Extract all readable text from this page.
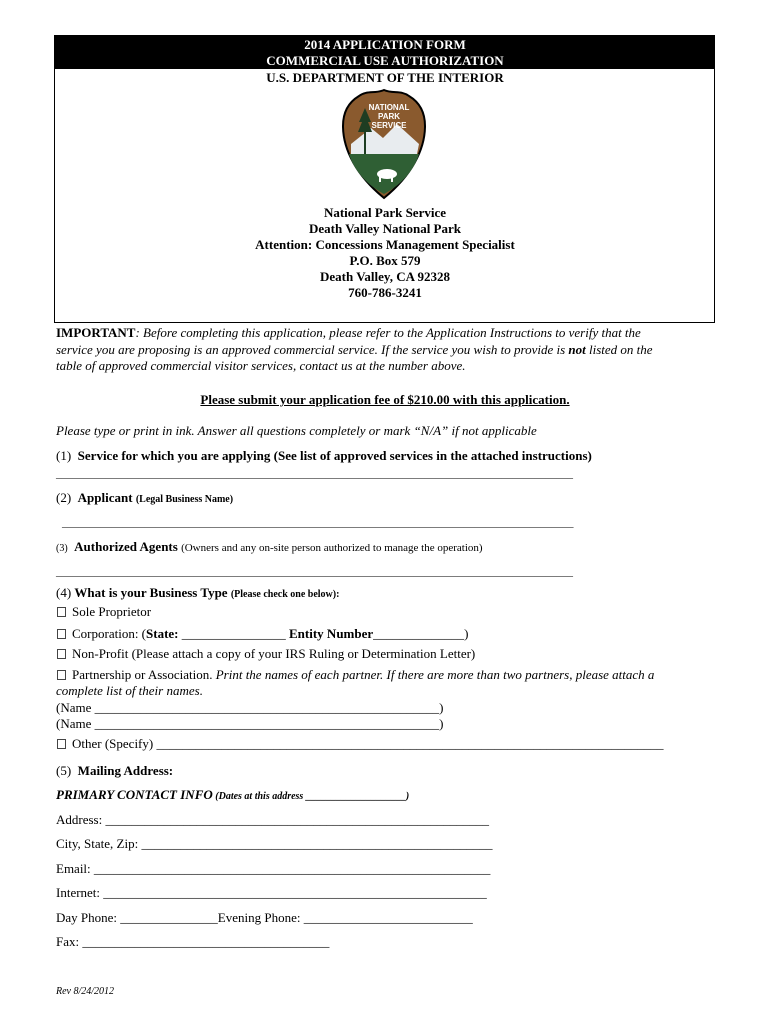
2014 APPLICATION FORM
COMMERCIAL USE AUTHORIZATION
U.S. DEPARTMENT OF THE INTERIOR
NATIONAL
PARK
SERVICE
National Park Service
Death Valley National Park
Attention: Concessions Management Specialist
P.O. Box 579
Death Valley, CA 92328
760-786-3241
IMPORTANT: Before completing this application, please refer to the Application Instructions to verify that the
service you are proposing is an approved commercial service. If the service you wish to provide is not listed on the
table of approved commercial visitor services, contact us at the number above.
Please submit your application fee of $210.00 with this application.
Please type or print in ink. Answer all questions completely or mark “N/A” if not applicable
(1) Service for which you are applying (See list of approved services in the attached instructions)
______________________________________________________________________________________________
(2) Applicant (Legal Business Name)
_____________________________________________________________________________________________
(3) Authorized Agents (Owners and any on-site person authorized to manage the operation)
______________________________________________________________________________________________
(4) What is your Business Type (Please check one below):
Sole Proprietor
Corporation: (State: ________________ Entity Number______________)
Non-Profit (Please attach a copy of your IRS Ruling or Determination Letter)
Partnership or Association. Print the names of each partner. If there are more than two partners, please attach a
complete list of their names.
(Name _____________________________________________________)
(Name _____________________________________________________)
Other (Specify) ______________________________________________________________________________
(5) Mailing Address:
PRIMARY CONTACT INFO (Dates at this address ____________________)
Address: ___________________________________________________________
City, State, Zip: ______________________________________________________
Email: _____________________________________________________________
Internet: ___________________________________________________________
Day Phone: _______________Evening Phone: __________________________
Fax: ______________________________________
Rev 8/24/2012
